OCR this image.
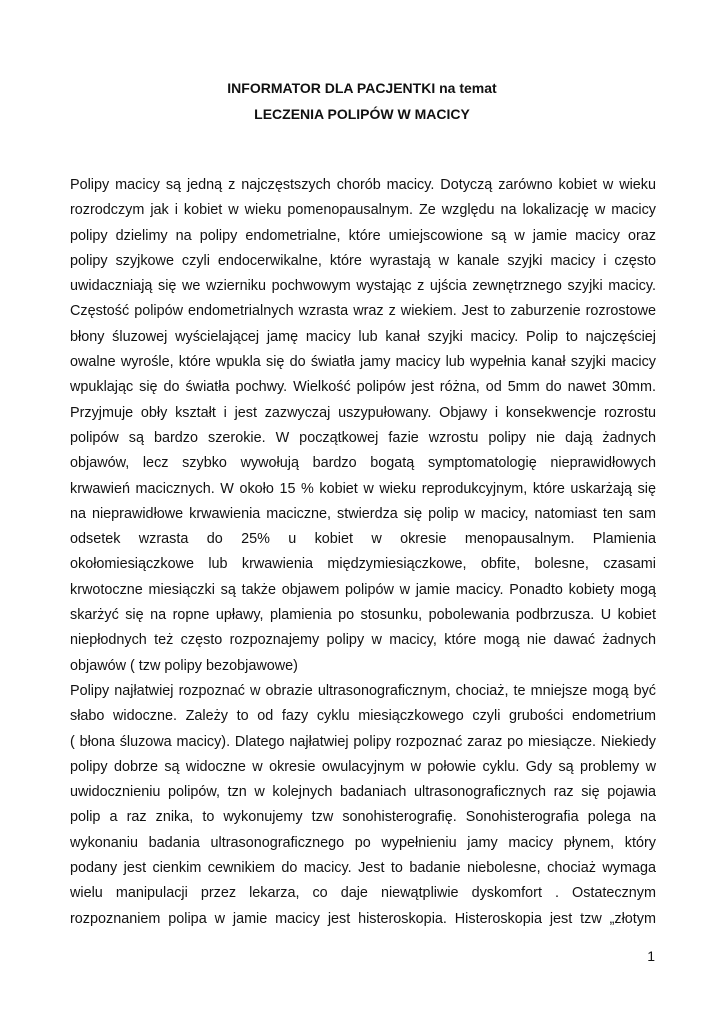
INFORMATOR DLA PACJENTKI na temat
LECZENIA POLIPÓW W MACICY
Polipy macicy są jedną z najczęstszych chorób macicy. Dotyczą zarówno kobiet w wieku
rozrodczym jak i kobiet w wieku pomenopausalnym. Ze względu na lokalizację w macicy
polipy dzielimy na polipy endometrialne, które umiejscowione są w jamie macicy oraz
polipy szyjkowe czyli endocerwikalne, które wyrastają w kanale szyjki macicy i często
uwidaczniają się we wzierniku pochwowym wystając z ujścia zewnętrznego szyjki macicy.
Częstość polipów endometrialnych wzrasta wraz z wiekiem. Jest to zaburzenie rozrostowe
błony śluzowej wyścielającej jamę macicy lub kanał szyjki macicy. Polip to najczęściej
owalne wyrośle, które wpukla się do światła jamy macicy lub wypełnia kanał szyjki macicy
wpuklając się do światła pochwy. Wielkość polipów jest różna, od 5mm do nawet 30mm.
Przyjmuje obły kształt i jest zazwyczaj uszypułowany. Objawy i konsekwencje rozrostu
polipów są bardzo szerokie. W początkowej fazie wzrostu polipy nie dają żadnych
objawów, lecz szybko wywołują bardzo bogatą symptomatologię nieprawidłowych
krwawień macicznych. W około 15 % kobiet w wieku reprodukcyjnym, które uskarżają się
na nieprawidłowe krwawienia maciczne, stwierdza się polip w macicy, natomiast ten sam
odsetek wzrasta do 25% u kobiet w okresie menopausalnym. Plamienia
okołomiesiączkowe lub krwawienia międzymiesiączkowe, obfite, bolesne, czasami
krwotoczne miesiączki są także objawem polipów w jamie macicy. Ponadto kobiety mogą
skarżyć się na ropne upławy, plamienia po stosunku, pobolewania podbrzusza. U kobiet
niepłodnych też często rozpoznajemy polipy w macicy, które mogą nie dawać żadnych
objawów ( tzw polipy bezobjawowe)
Polipy najłatwiej rozpoznać w obrazie ultrasonograficznym, chociaż, te mniejsze mogą być
słabo widoczne. Zależy to od fazy cyklu miesiączkowego czyli grubości endometrium
( błona śluzowa macicy). Dlatego najłatwiej polipy rozpoznać zaraz po miesiącze. Niekiedy
polipy dobrze są widoczne w okresie owulacyjnym w połowie cyklu. Gdy są problemy w
uwidocznieniu polipów, tzn w kolejnych badaniach ultrasonograficznych raz się pojawia
polip a raz znika, to wykonujemy tzw sonohisterografię. Sonohisterografia polega na
wykonaniu badania ultrasonograficznego po wypełnieniu jamy macicy płynem, który
podany jest cienkim cewnikiem do macicy. Jest to badanie niebolesne, chociaż wymaga
wielu manipulacji przez lekarza, co daje niewątpliwie dyskomfort . Ostatecznym
rozpoznaniem polipa w jamie macicy jest histeroskopia. Histeroskopia jest tzw „złotym
1
